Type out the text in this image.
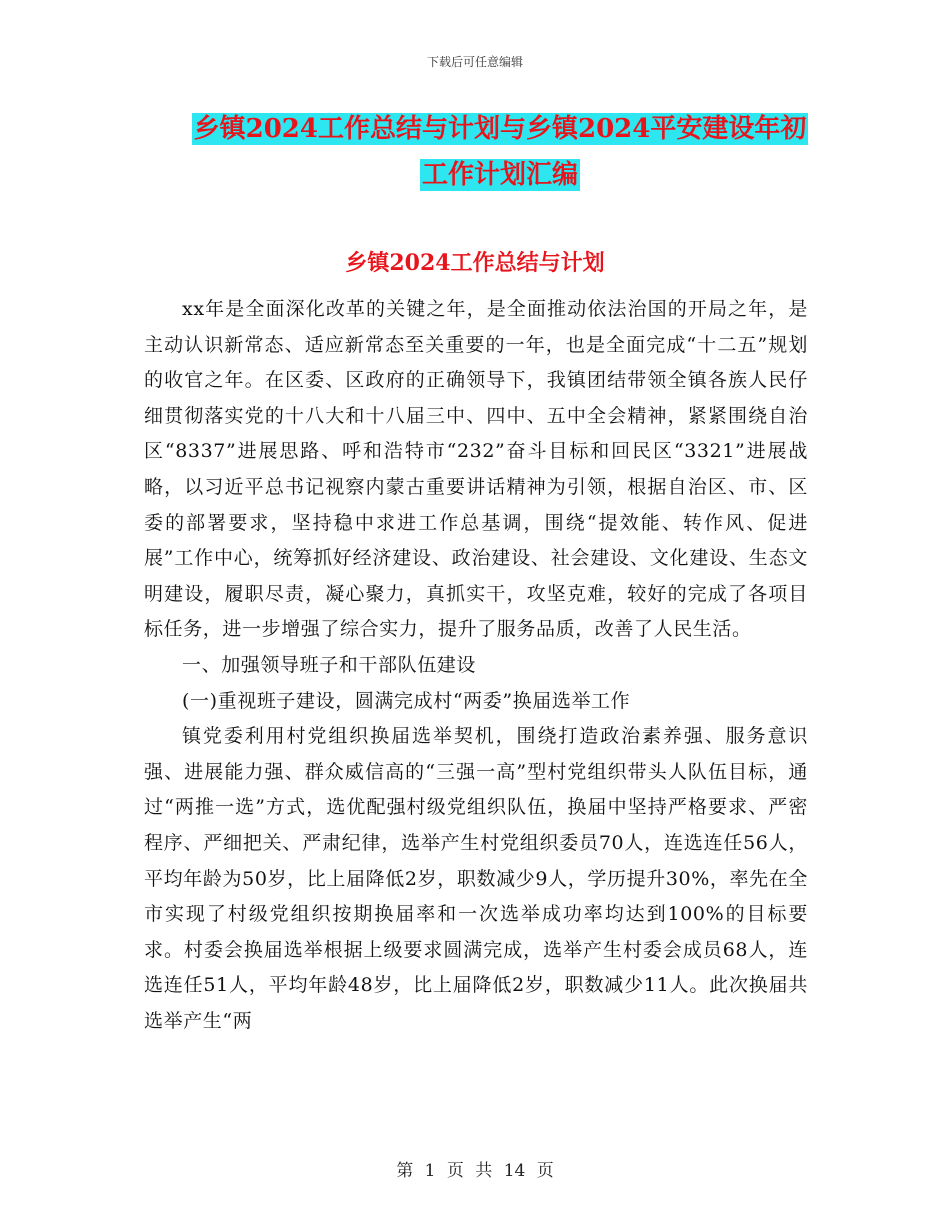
下载后可任意编辑
乡镇2024工作总结与计划与乡镇2024平安建设年初
工作计划汇编
乡镇2024工作总结与计划

xx年是全面深化改革的关键之年，是全面推动依法治国的开局之年，是主动认识新常态、适应新常态至关重要的一年，也是全面完成“十二五”规划的收官之年。在区委、区政府的正确领导下，我镇团结带领全镇各族人民仔细贯彻落实党的十八大和十八届三中、四中、五中全会精神，紧紧围绕自治区“8337”进展思路、呼和浩特市“232”奋斗目标和回民区“3321”进展战略，以习近平总书记视察内蒙古重要讲话精神为引领，根据自治区、市、区委的部署要求，坚持稳中求进工作总基调，围绕“提效能、转作风、促进展”工作中心，统筹抓好经济建设、政治建设、社会建设、文化建设、生态文明建设，履职尽责，凝心聚力，真抓实干，攻坚克难，较好的完成了各项目标任务，进一步增强了综合实力，提升了服务品质，改善了人民生活。

一、加强领导班子和干部队伍建设

(一)重视班子建设，圆满完成村“两委”换届选举工作

镇党委利用村党组织换届选举契机，围绕打造政治素养强、服务意识强、进展能力强、群众威信高的“三强一高”型村党组织带头人队伍目标，通过“两推一选”方式，选优配强村级党组织队伍，换届中坚持严格要求、严密程序、严细把关、严肃纪律，选举产生村党组织委员70人，连选连任56人，平均年龄为50岁，比上届降低2岁，职数减少9人，学历提升30%，率先在全市实现了村级党组织按期换届率和一次选举成功率均达到100%的目标要求。村委会换届选举根据上级要求圆满完成，选举产生村委会成员68人，连选连任51人，平均年龄48岁，比上届降低2岁，职数减少11人。此次换届共选举产生“两

第 1 页 共 14 页
